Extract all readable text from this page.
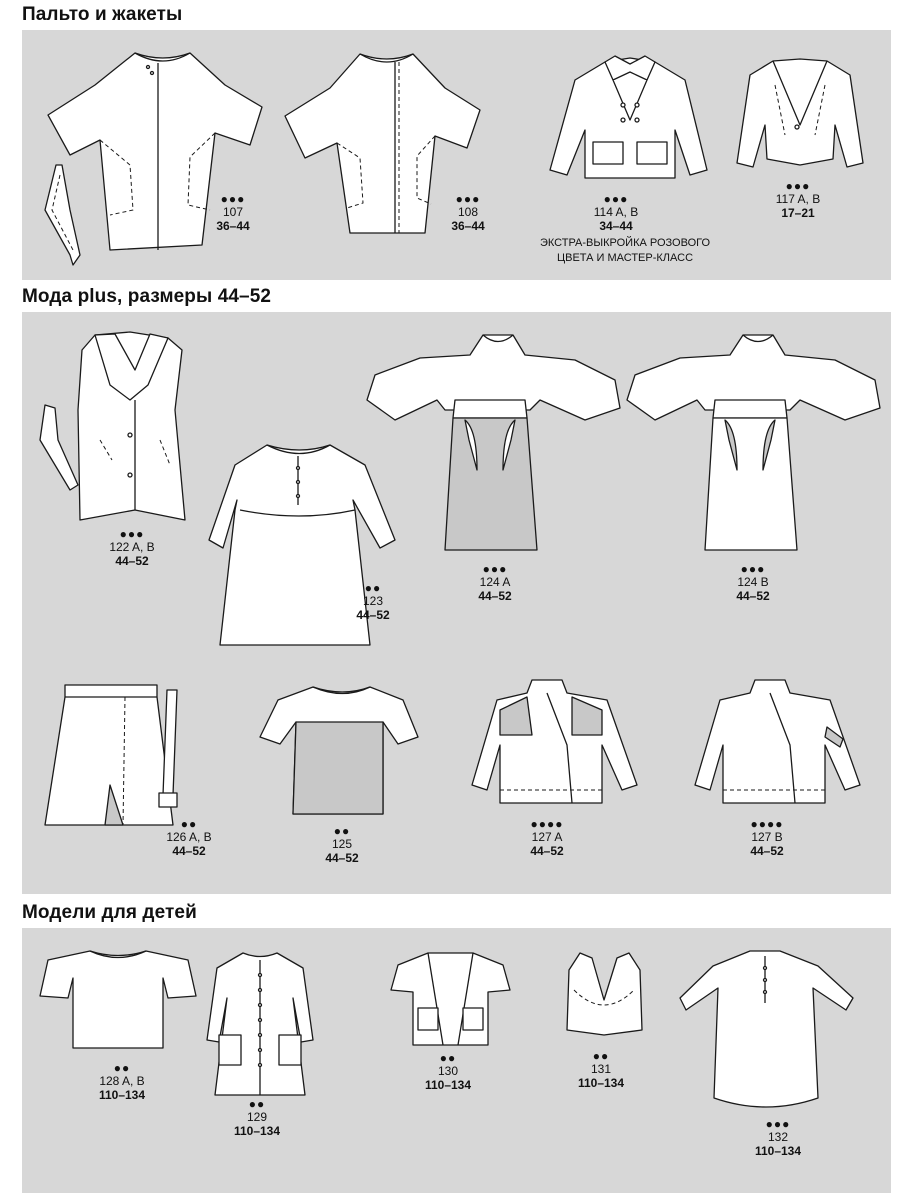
Пальто и жакеты
●●●
107
36–44
●●●
108
36–44
●●●
114 A, B
34–44
ЭКСТРА-ВЫКРОЙКА РОЗОВОГО
ЦВЕТА И МАСТЕР-КЛАСС
●●●
117 A, B
17–21
Мода plus, размеры 44–52
●●●
122 A, B
44–52
●●
123
44–52
●●●
124 A
44–52
●●●
124 B
44–52
●●
126 A, B
44–52
●●
125
44–52
●●●●
127 A
44–52
●●●●
127 B
44–52
Модели для детей
●●
128 A, B
110–134
●●
129
110–134
●●
130
110–134
●●
131
110–134
●●●
132
110–134
